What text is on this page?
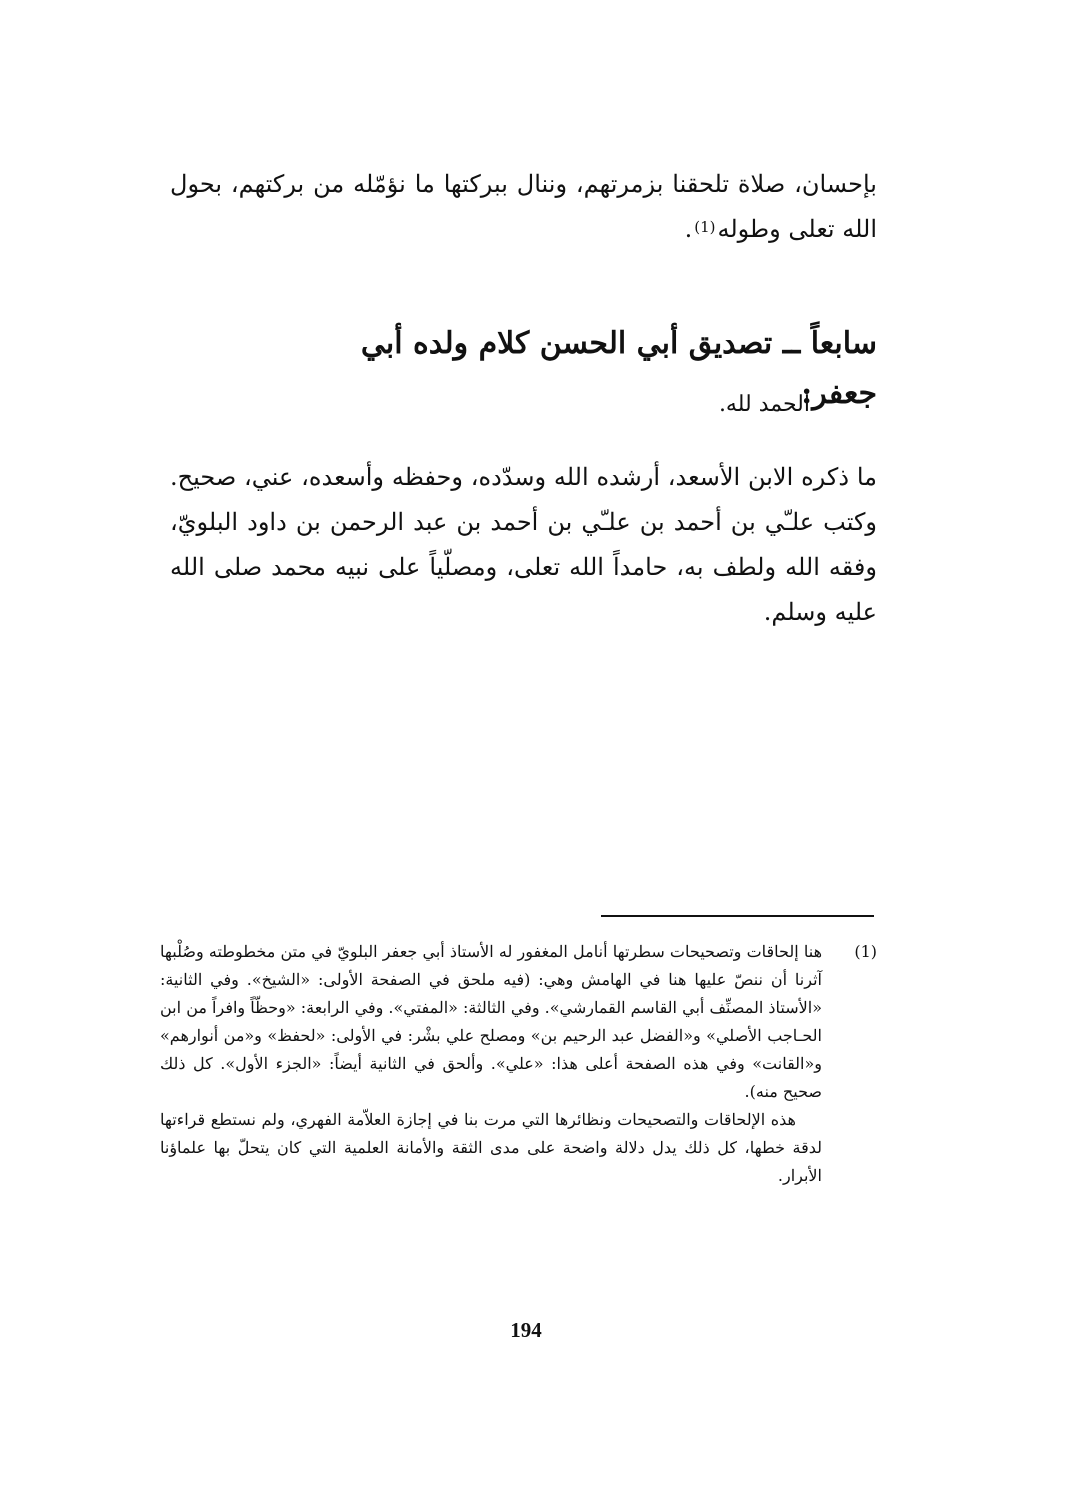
بإحسان، صلاة تلحقنا بزمرتهم، وننال ببركتها ما نؤمّله من بركتهم، بحول الله تعلى وطوله$^{(1)}$.
سابعاً ــ تصديق أبي الحسن كلام ولده أبي جعفر:
الحمد لله.
ما ذكره الابن الأسعد، أرشده الله وسدّده، وحفظه وأسعده، عني، صحيح. وكتب علـّي بن أحمد بن علـّي بن أحمد بن عبد الرحمن بن داود البلويّ، وفقه الله ولطف به، حامداً الله تعلى، ومصلّياً على نبيه محمد صلى الله عليه وسلم.
(1)
هنا إلحاقات وتصحيحات سطرتها أنامل المغفور له الأستاذ أبي جعفر البلويّ في متن مخطوطته وصُلْبها آثرنا أن ننصّ عليها هنا في الهامش وهي: (فيه ملحق في الصفحة الأولى: «الشيخ». وفي الثانية: «الأستاذ المصنِّف أبي القاسم القمارشي». وفي الثالثة: «المفتي». وفي الرابعة: «وحظّاً وافراً من ابن الحـاجب الأصلي» و«الفضل عبد الرحيم بن» ومصلح علي بشْر: في الأولى: «لحفظ» و«من أنوارهم» و«القانت» وفي هذه الصفحة أعلى هذا: «علي». وألحق في الثانية أيضاً: «الجزء الأول». كل ذلك صحيح منه).
هذه الإلحاقات والتصحيحات ونظائرها التي مرت بنا في إجازة العلاّمة الفهري، ولم نستطع قراءتها لدقة خطها، كل ذلك يدل دلالة واضحة على مدى الثقة والأمانة العلمية التي كان يتحلّ بها علماؤنا الأبرار.
194
